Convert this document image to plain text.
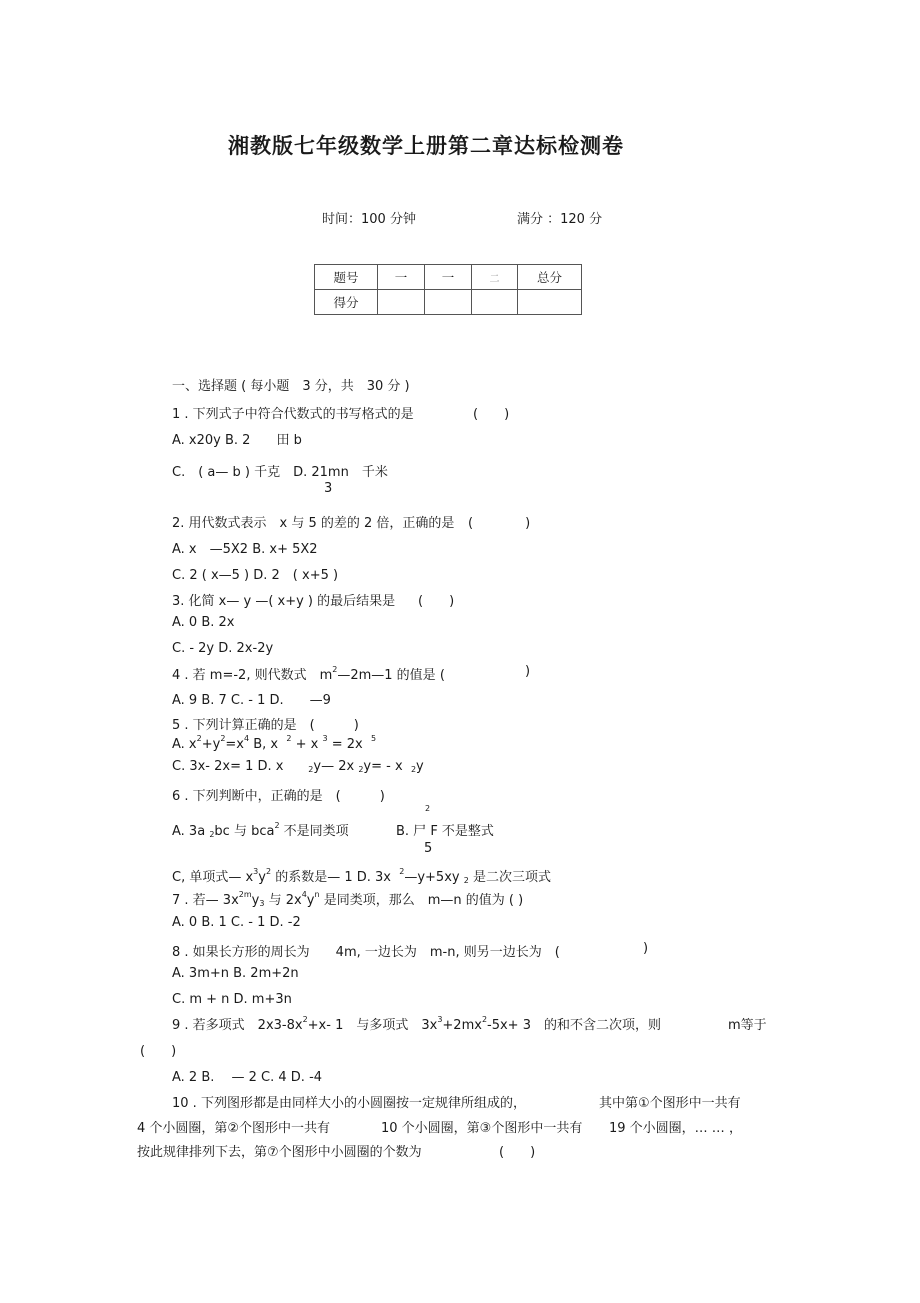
湘教版七年级数学上册第二章达标检测卷
时间：100 分钟	满分 ：120 分
题号	一	一	二	总分
得分				
一、选择题 ( 每小题　3 分，共　30 分 )
1 . 下列式子中符合代数式的书写格式的是	(　　)
A. x20y B. 2　　田 b
C.　( a— b ) 千克　D. 21mn　千米
3
2. 用代数式表示　x 与 5 的差的 2 倍，正确的是 (　　　　)
A. x　—5X2 B. x+ 5X2
C. 2 ( x—5 ) D. 2　( x+5 )
3. 化简 x— y —( x+y ) 的最后结果是 (　　)
A. 0 B. 2x
C. - 2y D. 2x-2y
4 . 若 m=-2, 则代数式　$m^2—2m—1$ 的值是 (	)
A. 9 B. 7 C. - 1 D.　　—9
5 . 下列计算正确的是　(　　　)
A. $x^2+y^2=x^4$ B, x $^2$ + x $^3$ = 2x $^5$
C. 3x- 2x= 1 D. x	$_2$y— 2x $_2$y= - x $_2$y
6 . 下列判断中，正确的是　(　　　)
2
A. 3a $_2$bc 与 bca$^2$ 不是同类项	B. 尸 F 不是整式
5
C, 单项式— $x^3y^2$ 的系数是— 1 D. 3x $^2$—y+5xy $_2$ 是二次三项式
7 . 若— $3x^{2m}y_3$ 与 $2x^4y^n$ 是同类项，那么　m—n 的值为 ( )
A. 0 B. 1 C. - 1 D. -2
8 . 如果长方形的周长为　　4m, 一边长为　m-n, 则另一边长为　(	)
A. 3m+n B. 2m+2n
C. m + n D. m+3n
9 . 若多项式　$2x3-8x^2+x-$ 1　与多项式　$3x^3+2mx^2-5x+ 3$　的和不含二次项，则	m等于
(　　)
A. 2 B.　 — 2 C. 4 D. -4
10 . 下列图形都是由同样大小的小圆圈按一定规律所组成的，	其中第①个图形中一共有
4 个小圆圈，第②个图形中一共有	10 个小圆圈，第③个图形中一共有 19 个小圆圈，… … ，
按此规律排列下去，第⑦个图形中小圆圈的个数为	(　　)
